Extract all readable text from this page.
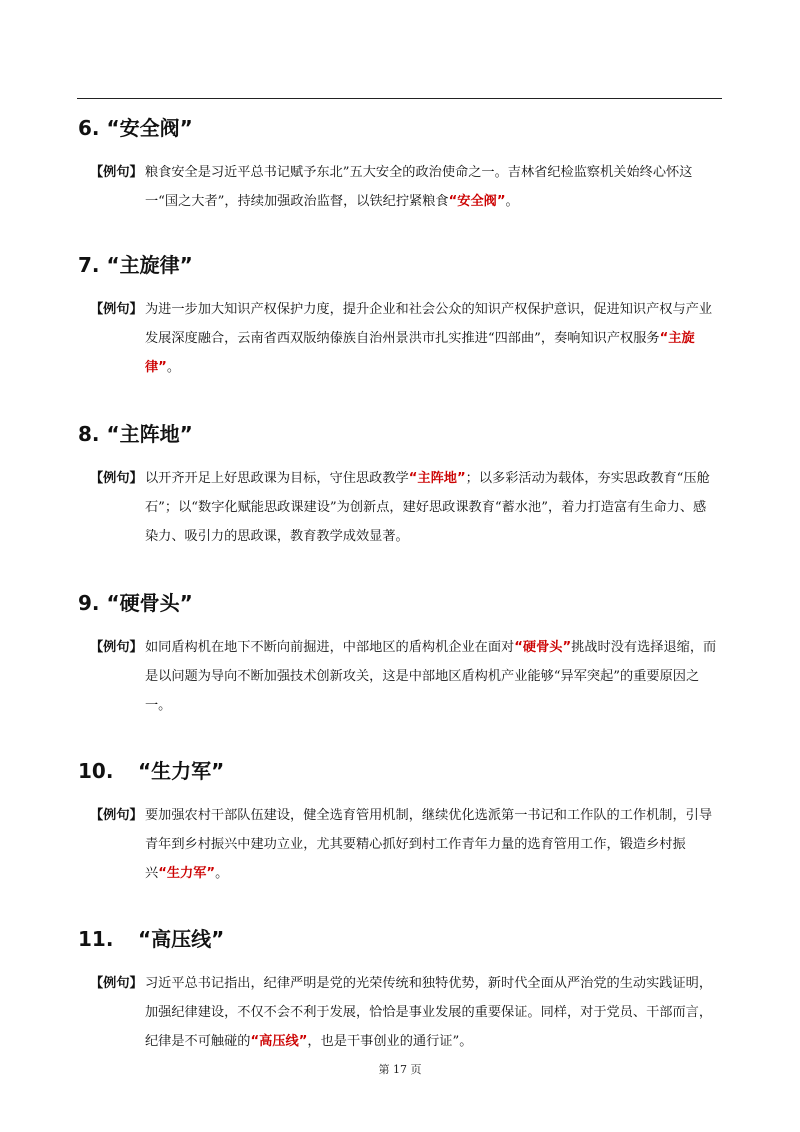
6. “安全阀”
【例句】 粮食安全是习近平总书记赋予东北”五大安全的政治使命之一。吉林省纪检监察机关始终心怀这一“国之大者”，持续加强政治监督，以铁纪拧紧粮食“安全阀”。
7. “主旋律”
【例句】 为进一步加大知识产权保护力度，提升企业和社会公众的知识产权保护意识，促进知识产权与产业发展深度融合，云南省西双版纳傣族自治州景洪市扎实推进“四部曲”，奏响知识产权服务“主旋律”。
8. “主阵地”
【例句】 以开齐开足上好思政课为目标，守住思政教学“主阵地”；以多彩活动为载体，夯实思政教育“压舱石”；以“数字化赋能思政课建设”为创新点，建好思政课教育“蓄水池”，着力打造富有生命力、感染力、吸引力的思政课，教育教学成效显著。
9. “硬骨头”
【例句】 如同盾构机在地下不断向前掘进，中部地区的盾构机企业在面对“硬骨头”挑战时没有选择退缩，而是以问题为导向不断加强技术创新攻关，这是中部地区盾构机产业能够“异军突起”的重要原因之一。
10. “生力军”
【例句】 要加强农村干部队伍建设，健全选育管用机制，继续优化选派第一书记和工作队的工作机制，引导青年到乡村振兴中建功立业，尤其要精心抓好到村工作青年力量的选育管用工作，锻造乡村振兴“生力军”。
11. “高压线”
【例句】 习近平总书记指出，纪律严明是党的光荣传统和独特优势，新时代全面从严治党的生动实践证明，加强纪律建设，不仅不会不利于发展，恰恰是事业发展的重要保证。同样，对于党员、干部而言，纪律是不可触碰的“高压线”，也是干事创业的通行证”。
第 17 页
